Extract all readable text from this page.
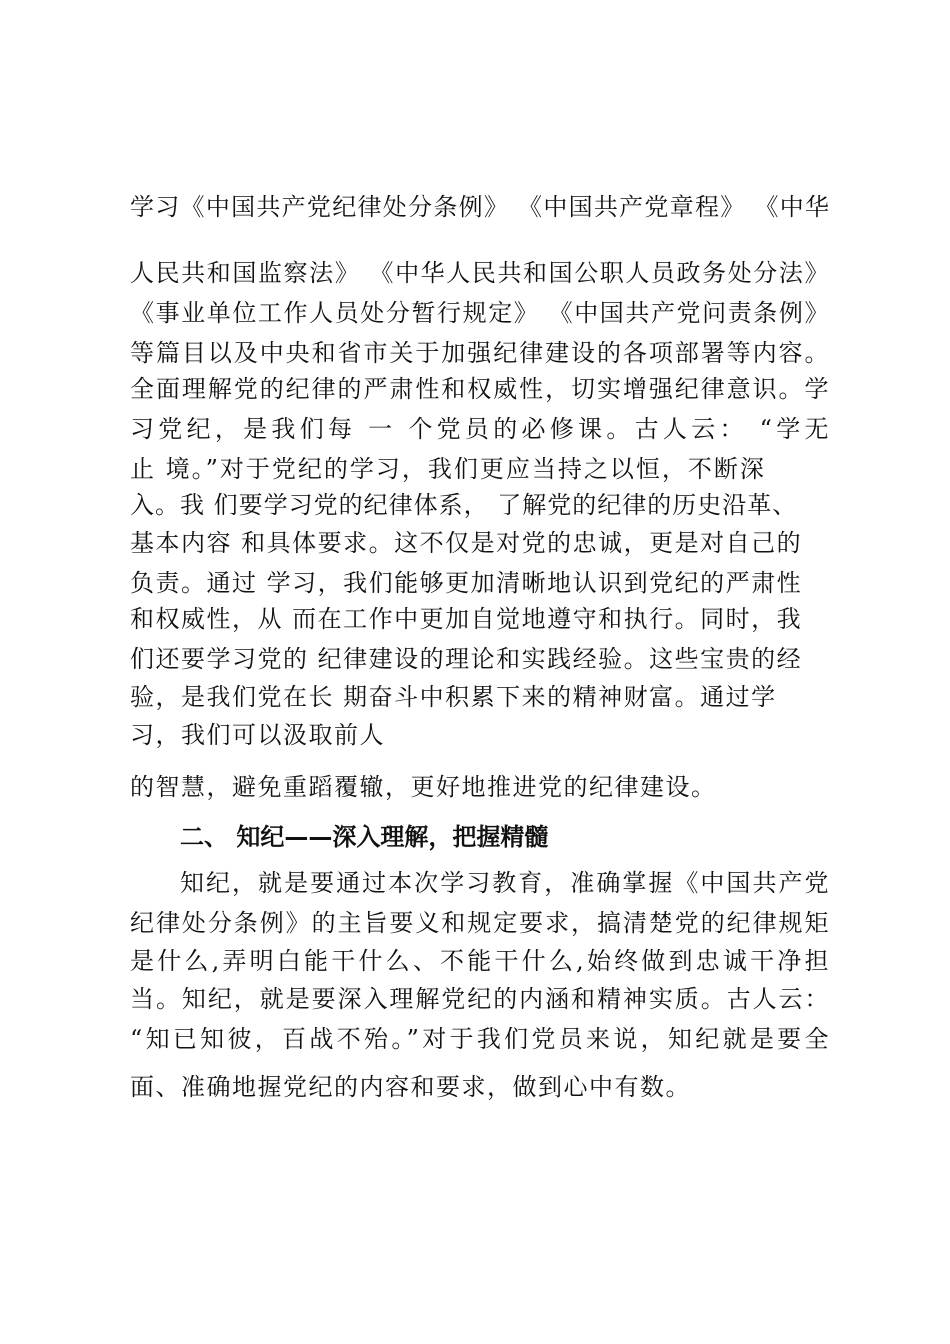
学习《中国共产党纪律处分条例》 《中国共产党章程》 《中华
人民共和国监察法》 《中华人民共和国公职人员政务处分法》
《事业单位工作人员处分暂行规定》 《中国共产党问责条例》
等篇目以及中央和省市关于加强纪律建设的各项部署等内容。
全面理解党的纪律的严肃性和权威性，切实增强纪律意识。学
习党纪，是我们每 一 个党员的必修课。古人云： “学无
止 境。”对于党纪的学习，我们更应当持之以恒，不断深
入。我 们要学习党的纪律体系， 了解党的纪律的历史沿革、
基本内容 和具体要求。这不仅是对党的忠诚，更是对自己的
负责。通过 学习，我们能够更加清晰地认识到党纪的严肃性
和权威性，从 而在工作中更加自觉地遵守和执行。同时，我
们还要学习党的 纪律建设的理论和实践经验。这些宝贵的经
验，是我们党在长 期奋斗中积累下来的精神财富。通过学
习，我们可以汲取前人
的智慧，避免重蹈覆辙，更好地推进党的纪律建设。
二、 知纪——深入理解，把握精髓
知纪，就是要通过本次学习教育，准确掌握《中国共产党
纪律处分条例》的主旨要义和规定要求，搞清楚党的纪律规矩
是什么,弄明白能干什么、不能干什么,始终做到忠诚干净担
当。知纪，就是要深入理解党纪的内涵和精神实质。古人云：
“知已知彼，百战不殆。”对于我们党员来说，知纪就是要全
面、准确地握党纪的内容和要求，做到心中有数。
